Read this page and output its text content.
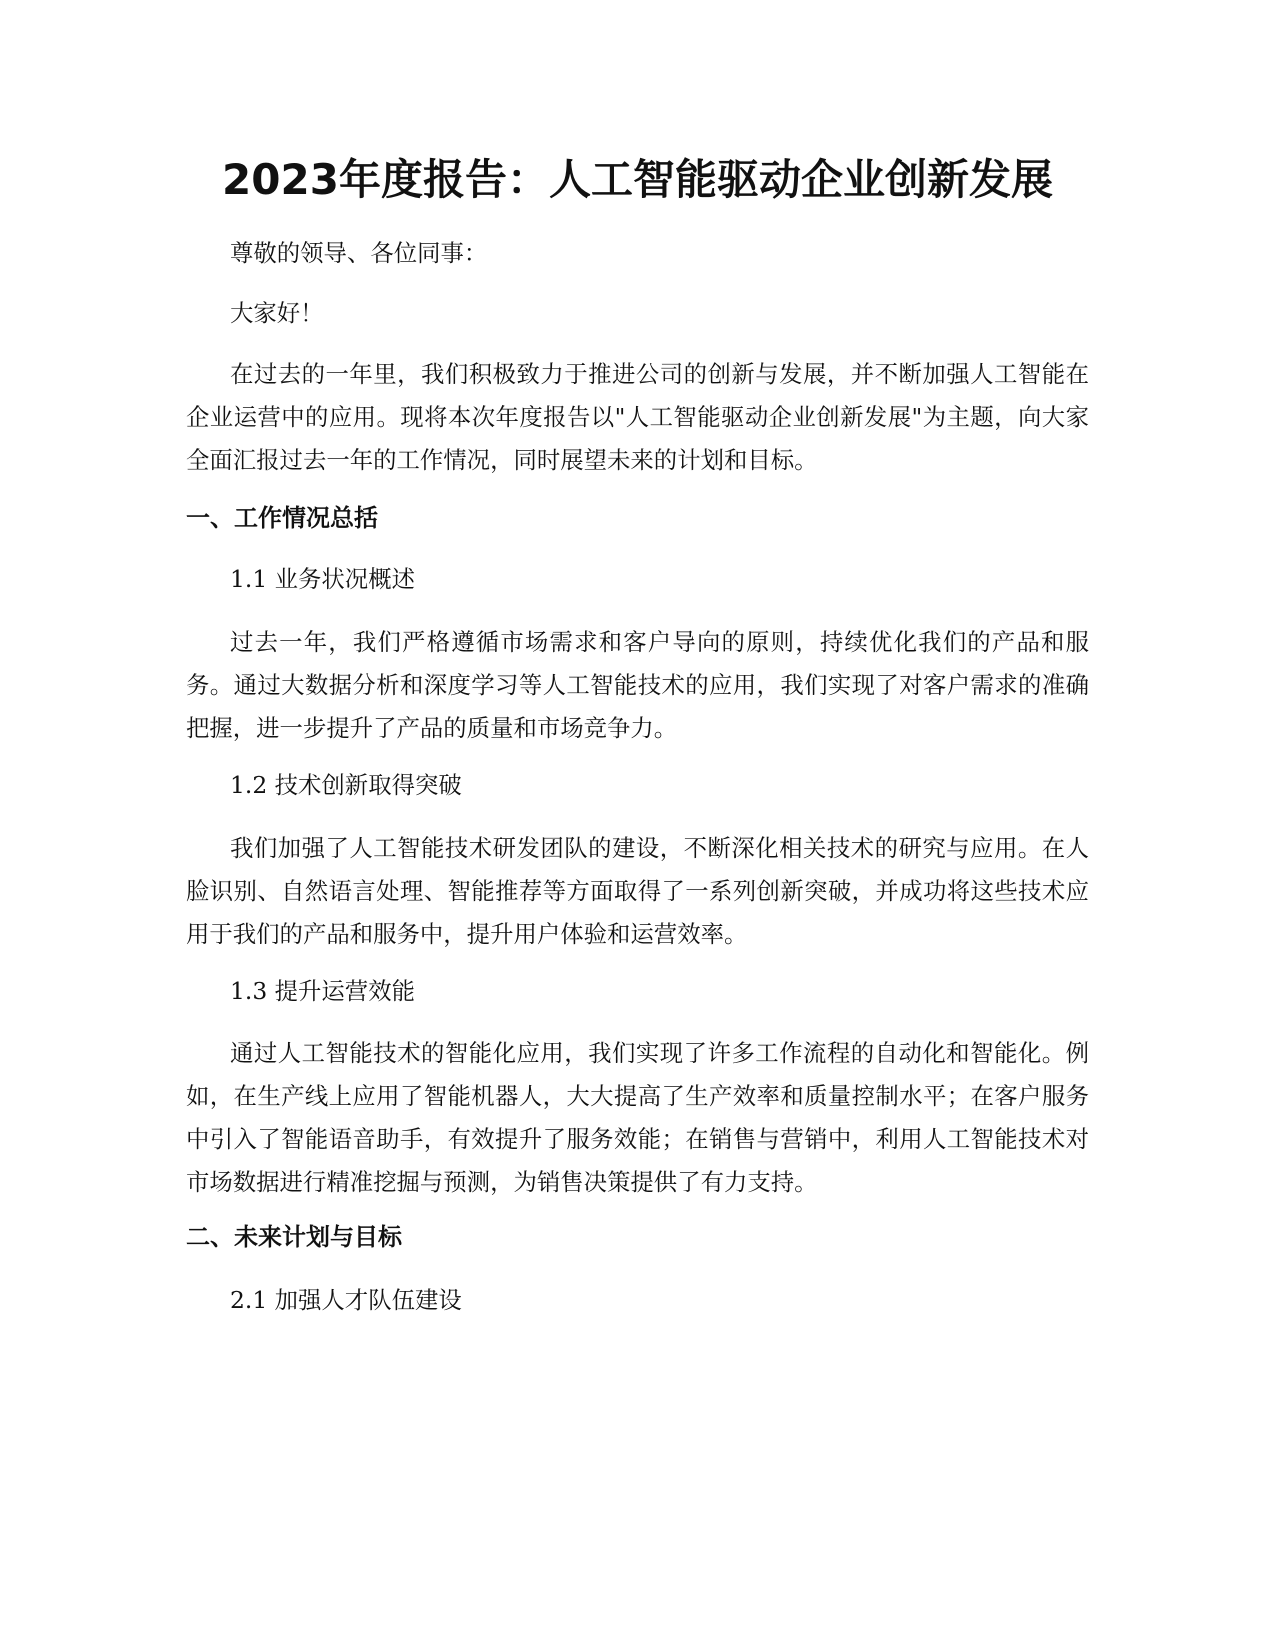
2023年度报告：人工智能驱动企业创新发展

尊敬的领导、各位同事：

大家好！

在过去的一年里，我们积极致力于推进公司的创新与发展，并不断加强人工智能在企业运营中的应用。现将本次年度报告以"人工智能驱动企业创新发展"为主题，向大家全面汇报过去一年的工作情况，同时展望未来的计划和目标。

一、工作情况总括

1.1 业务状况概述

过去一年，我们严格遵循市场需求和客户导向的原则，持续优化我们的产品和服务。通过大数据分析和深度学习等人工智能技术的应用，我们实现了对客户需求的准确把握，进一步提升了产品的质量和市场竞争力。

1.2 技术创新取得突破

我们加强了人工智能技术研发团队的建设，不断深化相关技术的研究与应用。在人脸识别、自然语言处理、智能推荐等方面取得了一系列创新突破，并成功将这些技术应用于我们的产品和服务中，提升用户体验和运营效率。

1.3 提升运营效能

通过人工智能技术的智能化应用，我们实现了许多工作流程的自动化和智能化。例如，在生产线上应用了智能机器人，大大提高了生产效率和质量控制水平；在客户服务中引入了智能语音助手，有效提升了服务效能；在销售与营销中，利用人工智能技术对市场数据进行精准挖掘与预测，为销售决策提供了有力支持。

二、未来计划与目标

2.1 加强人才队伍建设
